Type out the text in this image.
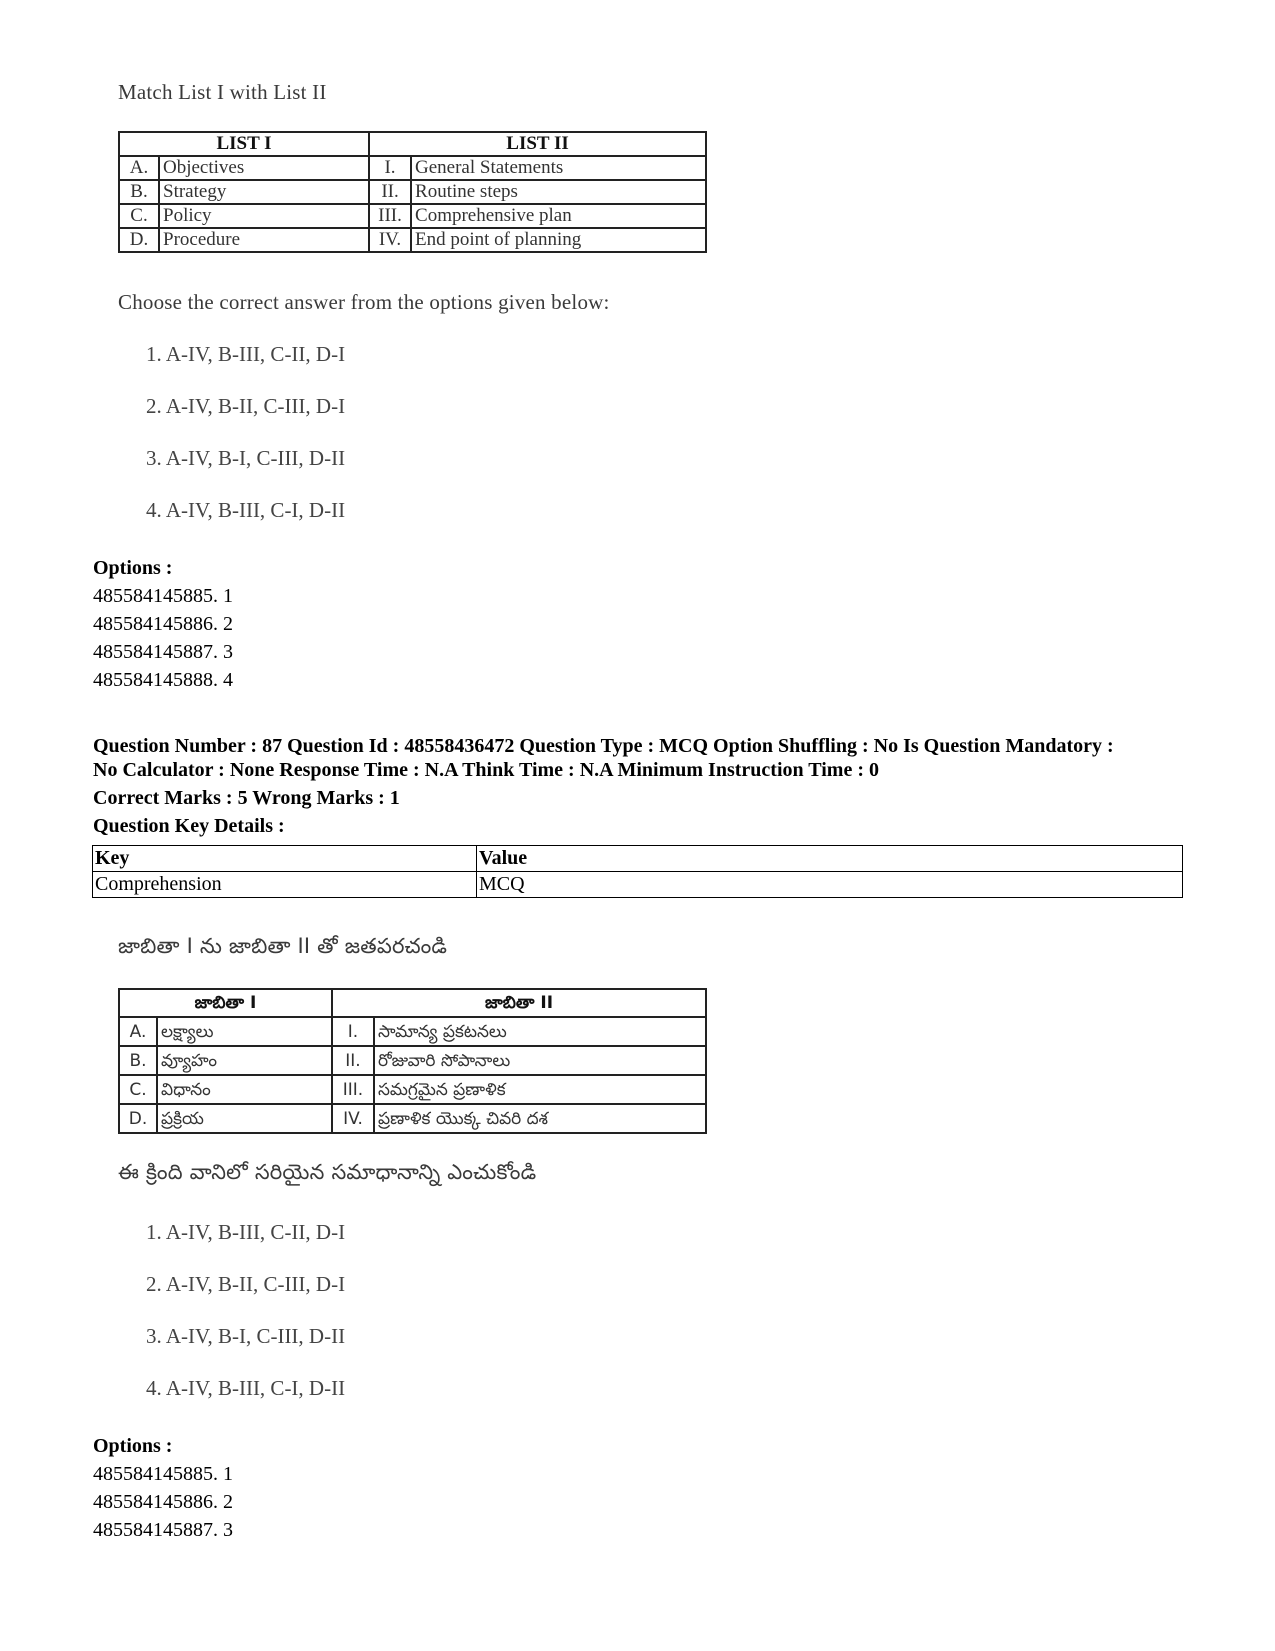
Match List I with List II
LIST I		LIST II	
A.	Objectives	I.	General Statements
B.	Strategy	II.	Routine steps
C.	Policy	III.	Comprehensive plan
D.	Procedure	IV.	End point of planning
Choose the correct answer from the options given below:
1. A-IV, B-III, C-II, D-I
2. A-IV, B-II, C-III, D-I
3. A-IV, B-I, C-III, D-II
4. A-IV, B-III, C-I, D-II
Options :
485584145885. 1
485584145886. 2
485584145887. 3
485584145888. 4
Question Number : 87 Question Id : 48558436472 Question Type : MCQ Option Shuffling : No Is Question Mandatory :
No Calculator : None Response Time : N.A Think Time : N.A Minimum Instruction Time : 0
Correct Marks : 5 Wrong Marks : 1
Question Key Details :
Key	Value
Comprehension	MCQ
జాబితా I ను జాబితా II తో జతపరచండి
జాబితా I		జాబితా II	
A.	లక్ష్యాలు	I.	సామాన్య ప్రకటనలు
B.	వ్యూహం	II.	రోజువారి సోపానాలు
C.	విధానం	III.	సమగ్రమైన ప్రణాళిక
D.	ప్రక్రియ	IV.	ప్రణాళిక యొక్క చివరి దశ
ఈ క్రింది వానిలో సరియైన సమాధానాన్ని ఎంచుకోండి
1. A-IV, B-III, C-II, D-I
2. A-IV, B-II, C-III, D-I
3. A-IV, B-I, C-III, D-II
4. A-IV, B-III, C-I, D-II
Options :
485584145885. 1
485584145886. 2
485584145887. 3
